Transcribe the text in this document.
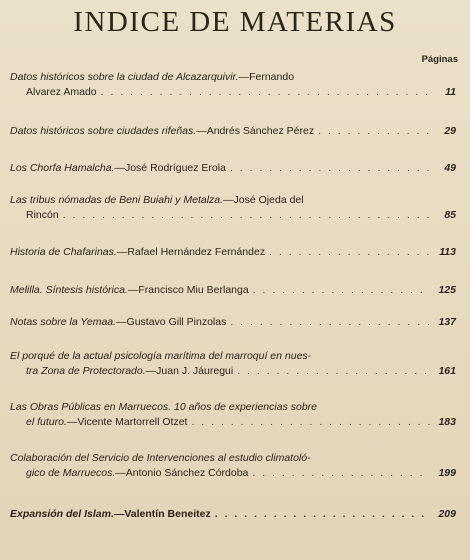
INDICE DE MATERIAS
Páginas
Datos históricos sobre la ciudad de Alcazarquivir.—Fernando
Alvarez Amado . . .	11
Datos históricos sobre ciudades rifeñas.—Andrés Sánchez Pérez . . .	29
Los Chorfa Hamalcha.—José Rodríguez Erola . . .	49
Las tribus nómadas de Beni Buiahi y Metalza.—José Ojeda del
Rincón . . .	85
Historia de Chafarinas.—Rafael Hernández Fernández . . .	113
Melilla. Síntesis histórica.—Francisco Miu Berlanga . . .	125
Notas sobre la Yemaa.—Gustavo Gill Pinzolas . . .	137
El porqué de la actual psicología marítima del marroquí en nues-
tra Zona de Protectorado.—Juan J. Jáuregui . . .	161
Las Obras Públicas en Marruecos. 10 años de experiencias sobre
el futuro.—Vicente Martorrell Otzet . . .	183
Colaboración del Servicio de Intervenciones al estudio climatoló-
gico de Marruecos.—Antonio Sánchez Córdoba . . .	199
Expansión del Islam.—Valentín Beneitez . . .	209
